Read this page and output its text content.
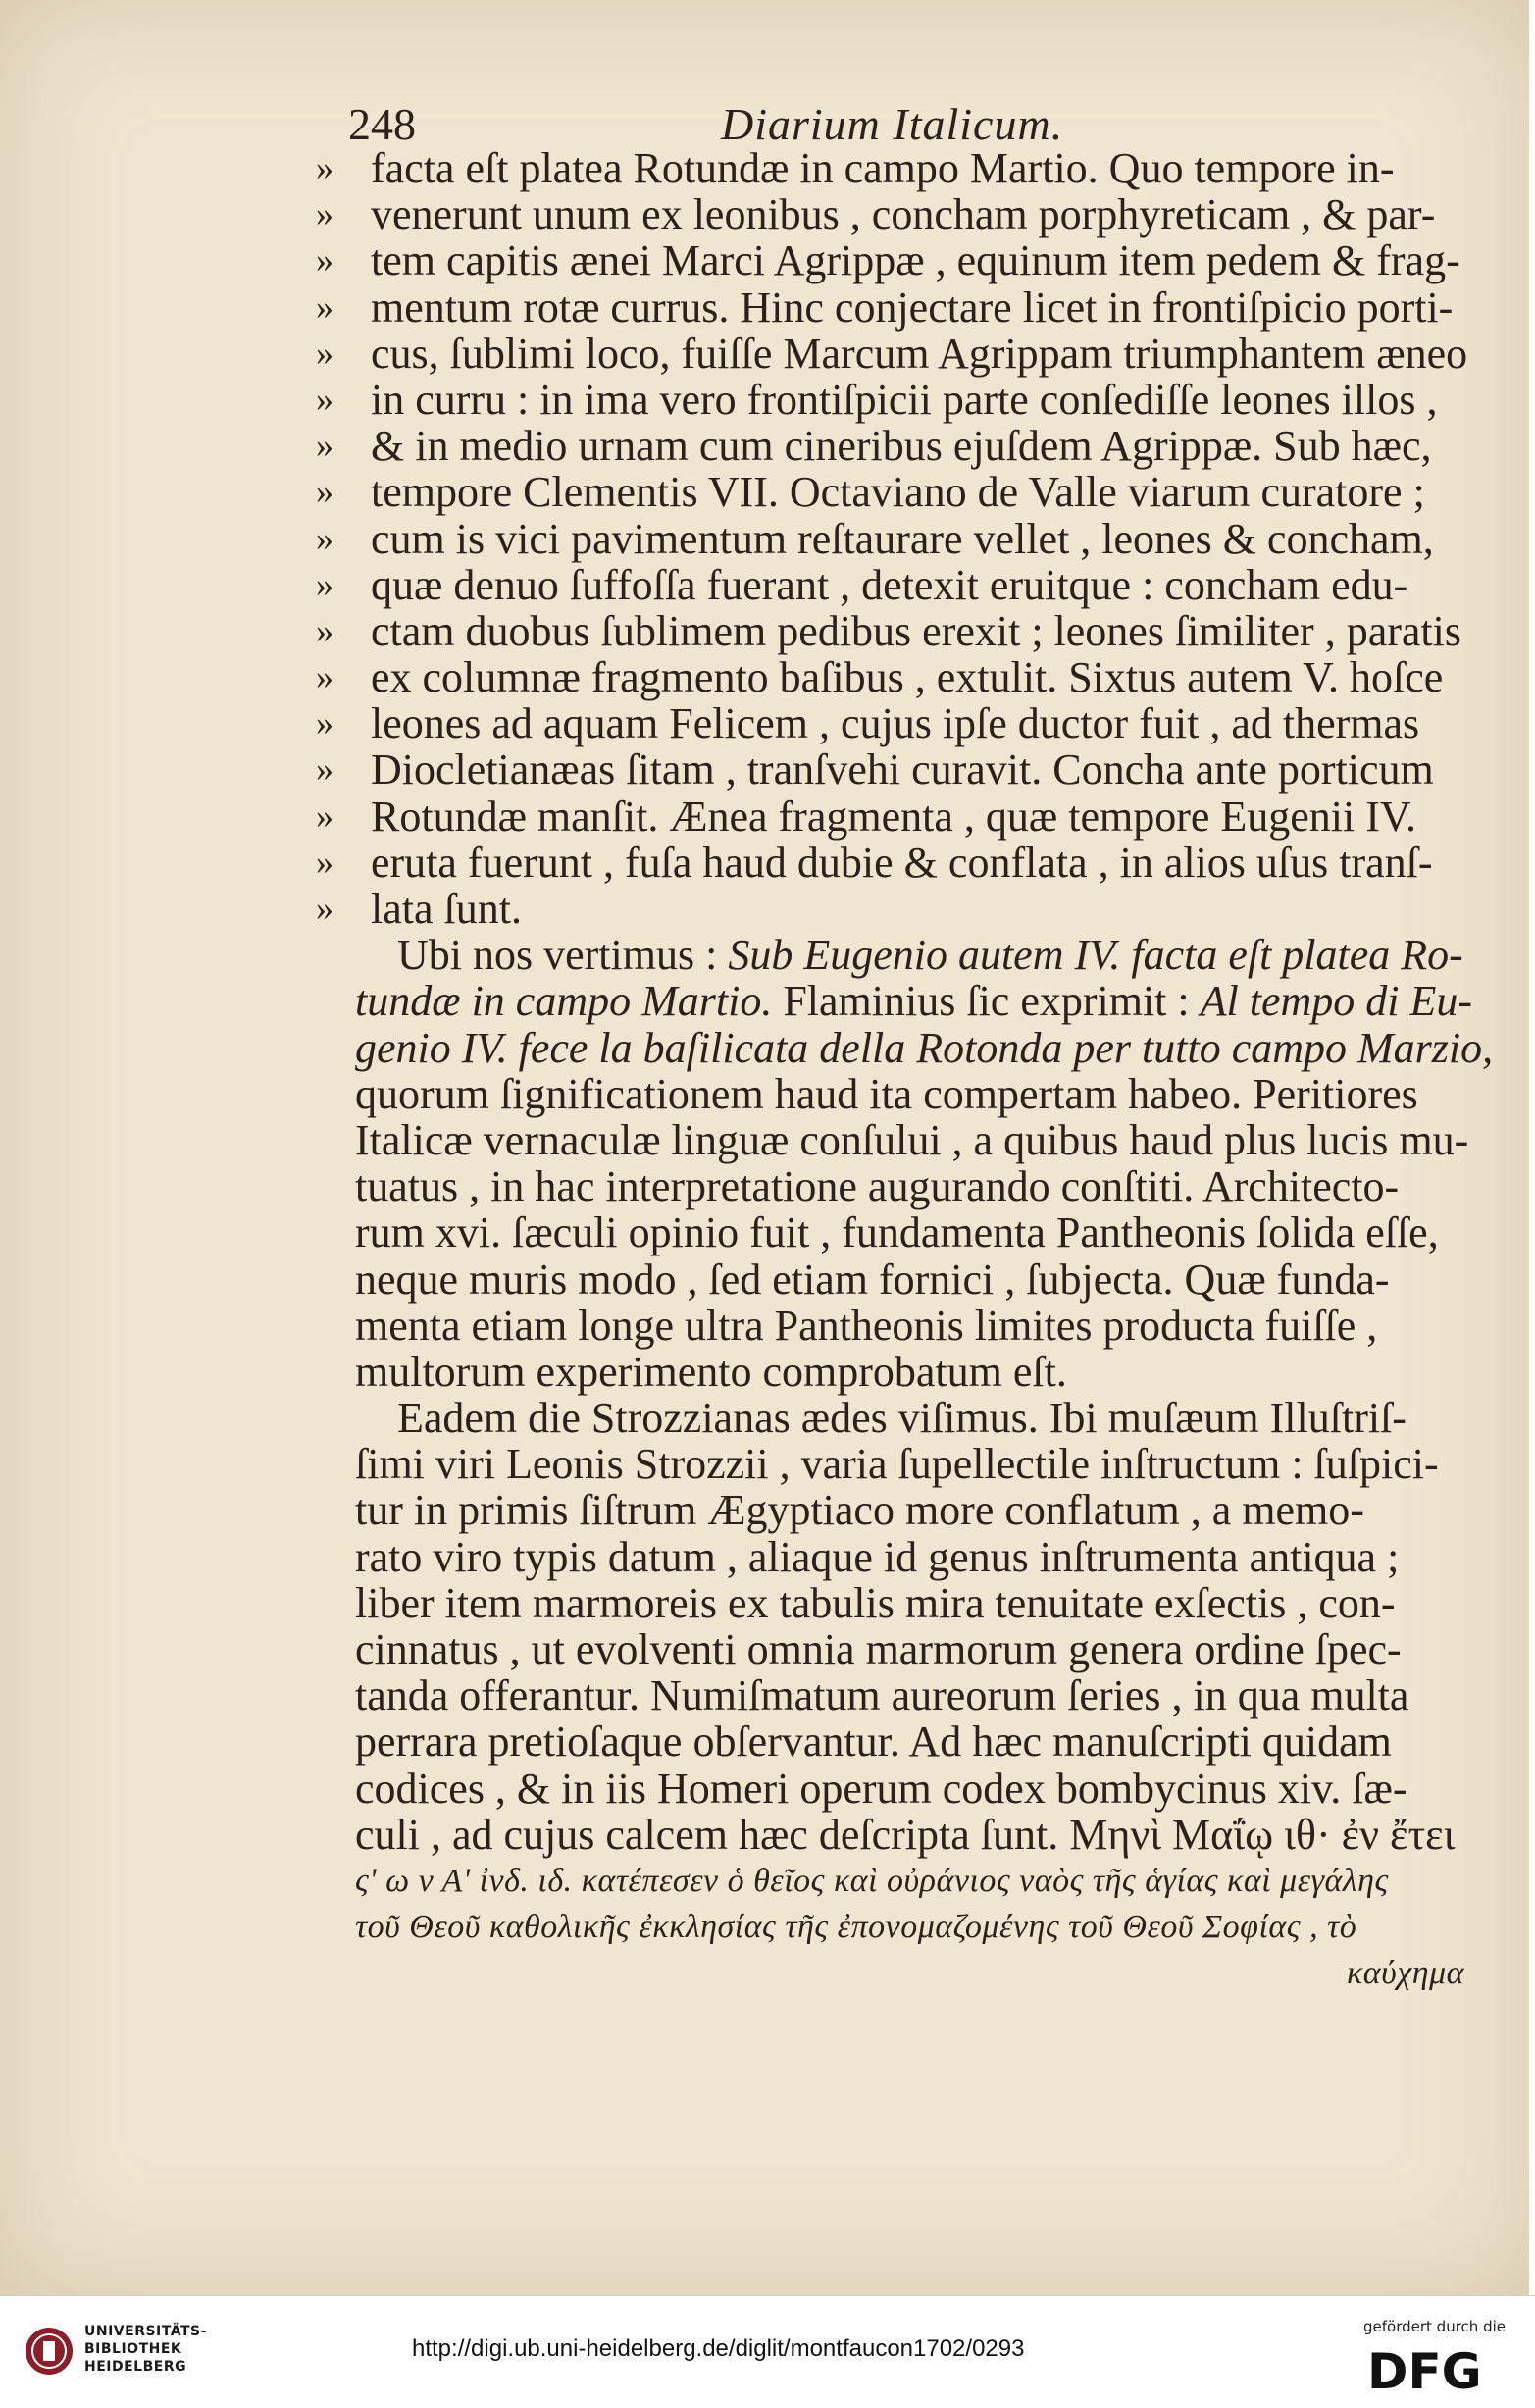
248	Diarium Italicum.
» facta eſt platea Rotundæ in campo Martio. Quo tempore in-
» venerunt unum ex leonibus , concham porphyreticam , & par-
» tem capitis ænei Marci Agrippæ , equinum item pedem & frag-
» mentum rotæ currus. Hinc conjectare licet in frontiſpicio porti-
» cus, ſublimi loco, fuiſſe Marcum Agrippam triumphantem æneo
» in curru : in ima vero frontiſpicii parte conſediſſe leones illos ,
» & in medio urnam cum cineribus ejuſdem Agrippæ. Sub hæc,
» tempore Clementis VII. Octaviano de Valle viarum curatore ;
» cum is vici pavimentum reſtaurare vellet , leones & concham,
» quæ denuo ſuffoſſa fuerant , detexit eruitque : concham edu-
» ctam duobus ſublimem pedibus erexit ; leones ſimiliter , paratis
» ex columnæ fragmento baſibus , extulit. Sixtus autem V. hoſce
» leones ad aquam Felicem , cujus ipſe ductor fuit , ad thermas
» Diocletianæas ſitam , tranſvehi curavit. Concha ante porticum
» Rotundæ manſit. Ænea fragmenta , quæ tempore Eugenii IV.
» eruta fuerunt , fuſa haud dubie & conflata , in alios uſus tranſ-
» lata ſunt.
Ubi nos vertimus : Sub Eugenio autem IV. facta eſt platea Ro-
tundæ in campo Martio. Flaminius ſic exprimit : Al tempo di Eu-
genio IV. fece la baſilicata della Rotonda per tutto campo Marzio,
quorum ſignificationem haud ita compertam habeo. Peritiores
Italicæ vernaculæ linguæ conſului , a quibus haud plus lucis mu-
tuatus , in hac interpretatione augurando conſtiti. Architecto-
rum xvi. ſæculi opinio fuit , fundamenta Pantheonis ſolida eſſe,
neque muris modo , ſed etiam fornici , ſubjecta. Quæ funda-
menta etiam longe ultra Pantheonis limites producta fuiſſe ,
multorum experimento comprobatum eſt.
Eadem die Strozzianas ædes viſimus. Ibi muſæum Illuſtriſ-
ſimi viri Leonis Strozzii , varia ſupellectile inſtructum : ſuſpici-
tur in primis ſiſtrum Ægyptiaco more conflatum , a memo-
rato viro typis datum , aliaque id genus inſtrumenta antiqua ;
liber item marmoreis ex tabulis mira tenuitate exſectis , con-
cinnatus , ut evolventi omnia marmorum genera ordine ſpec-
tanda offerantur. Numiſmatum aureorum ſeries , in qua multa
perrara pretioſaque obſervantur. Ad hæc manuſcripti quidam
codices , & in iis Homeri operum codex bombycinus xiv. ſæ-
culi , ad cujus calcem hæc deſcripta ſunt. Μηνὶ Μαΐῳ ιθ· ἐν ἔτει
ςʹ ω ν Αʹ ἰνδ. ιδ. κατέπεσεν ὁ θεῖος καὶ οὐράνιος ναὸς τῆς ἁγίας καὶ μεγάλης
τοῦ Θεοῦ καθολικῆς ἐκκλησίας τῆς ἐπονομαζομένης τοῦ Θεοῦ Σοφίας , τὸ
καύχημα
UNIVERSITÄTS-
BIBLIOTHEK
HEIDELBERG
http://digi.ub.uni-heidelberg.de/diglit/montfaucon1702/0293
gefördert durch die
DFG
